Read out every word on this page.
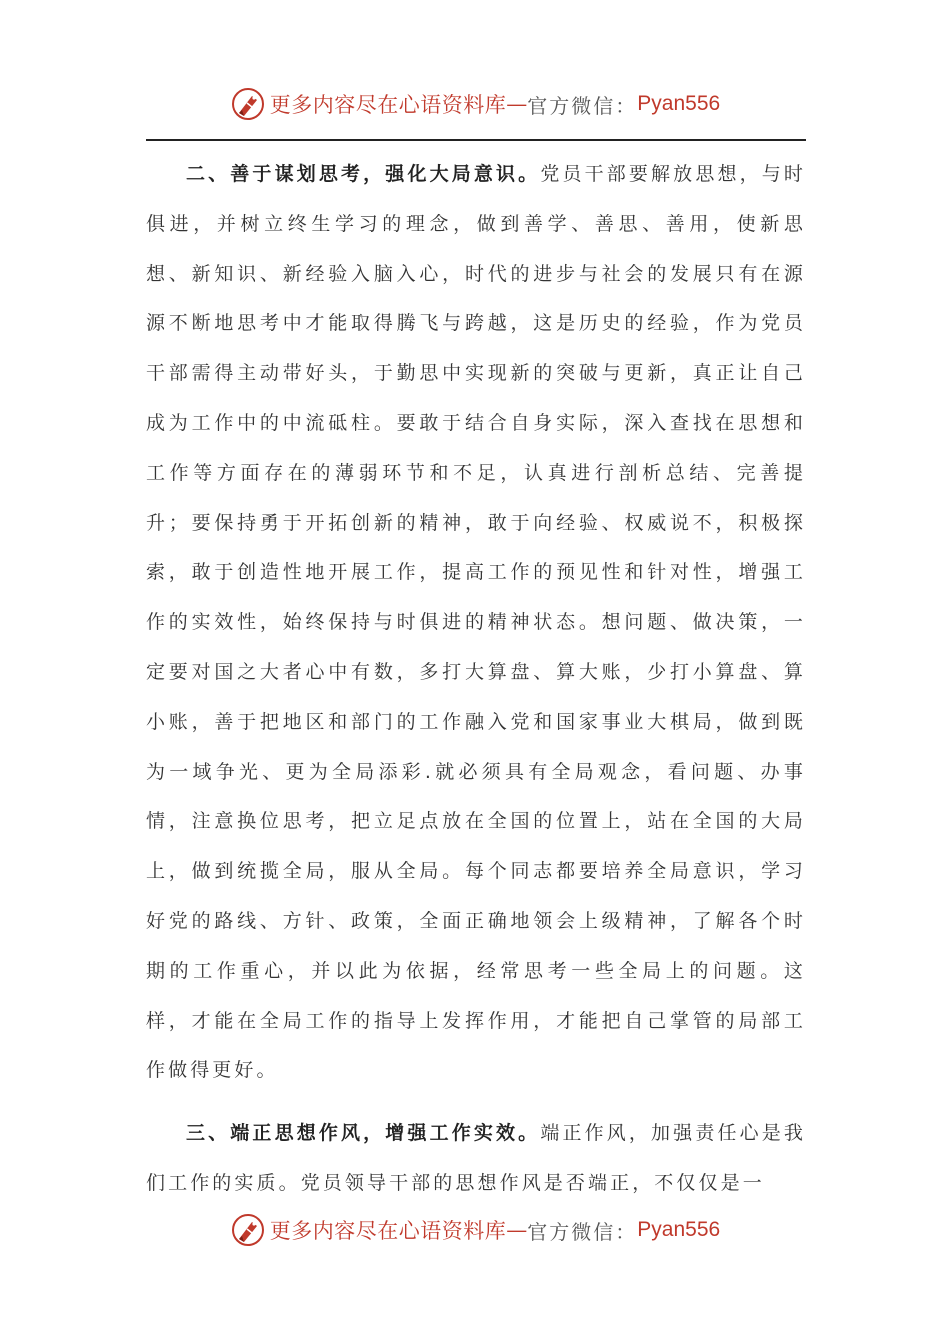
更多内容尽在心语资料库 — 官方微信： Pyan556

二、善于谋划思考，强化大局意识。党员干部要解放思想，与时俱进，并树立终生学习的理念，做到善学、善思、善用，使新思想、新知识、新经验入脑入心，时代的进步与社会的发展只有在源源不断地思考中才能取得腾飞与跨越，这是历史的经验，作为党员干部需得主动带好头，于勤思中实现新的突破与更新，真正让自己成为工作中的中流砥柱。要敢于结合自身实际，深入查找在思想和工作等方面存在的薄弱环节和不足，认真进行剖析总结、完善提升；要保持勇于开拓创新的精神，敢于向经验、权威说不，积极探索，敢于创造性地开展工作，提高工作的预见性和针对性，增强工作的实效性，始终保持与时俱进的精神状态。想问题、做决策，一定要对国之大者心中有数，多打大算盘、算大账，少打小算盘、算小账，善于把地区和部门的工作融入党和国家事业大棋局，做到既为一域争光、更为全局添彩.就必须具有全局观念，看问题、办事情，注意换位思考，把立足点放在全国的位置上，站在全国的大局上，做到统揽全局，服从全局。每个同志都要培养全局意识，学习好党的路线、方针、政策，全面正确地领会上级精神，了解各个时期的工作重心，并以此为依据，经常思考一些全局上的问题。这样，才能在全局工作的指导上发挥作用，才能把自己掌管的局部工作做得更好。

三、端正思想作风，增强工作实效。端正作风，加强责任心是我们工作的实质。党员领导干部的思想作风是否端正，不仅仅是一

更多内容尽在心语资料库 — 官方微信： Pyan556
